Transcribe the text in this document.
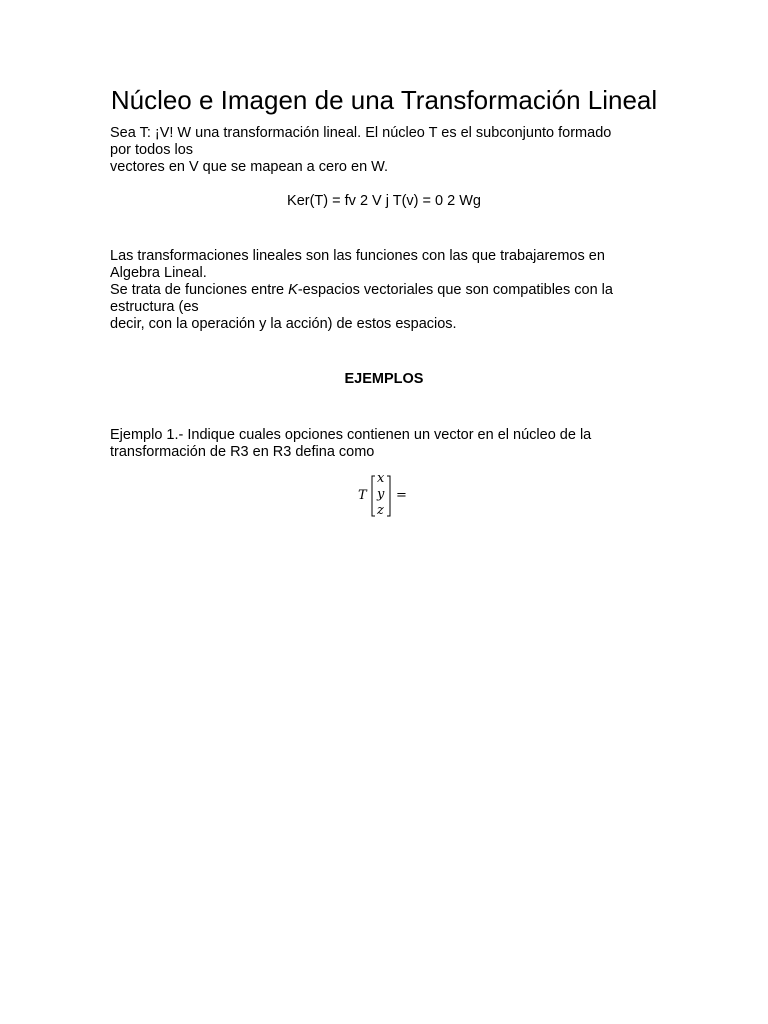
Núcleo e Imagen de una Transformación Lineal
Sea T: ¡V! W una transformación lineal. El núcleo T es el subconjunto formado
por todos los
vectores en V que se mapean a cero en W.
Ker(T) = fv 2 V j T(v) = 0 2 Wg
Las transformaciones lineales son las funciones con las que trabajaremos en
Algebra Lineal.
Se trata de funciones entre K-espacios vectoriales que son compatibles con la
estructura (es
decir, con la operación y la acción) de estos espacios.
EJEMPLOS
Ejemplo 1.- Indique cuales opciones contienen un vector en el núcleo de la
transformación de R3 en R3 defina como
T
x
y
z
=
